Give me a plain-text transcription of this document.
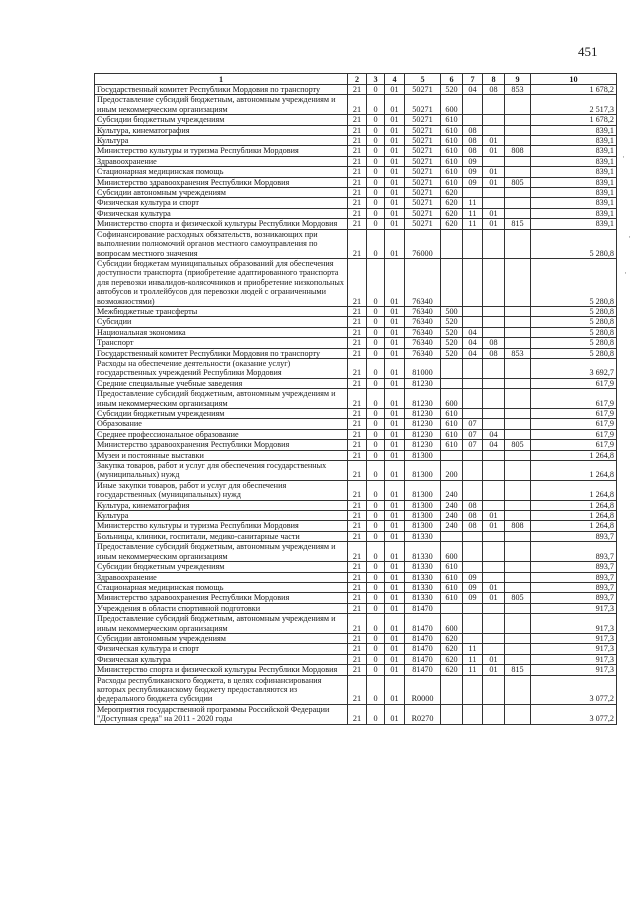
451
1	2	3	4	5	6	7	8	9	10
Государственный комитет Республики Мордовия по транспорту	21	0	01	50271	520	04	08	853	1 678,2
Предоставление субсидий бюджетным, автономным учреждениям и иным некоммерческим организациям	21	0	01	50271	600				2 517,3
Субсидии бюджетным учреждениям	21	0	01	50271	610				1 678,2
Культура, кинематография	21	0	01	50271	610	08			839,1
Культура	21	0	01	50271	610	08	01		839,1
Министерство культуры и туризма Республики Мордовия	21	0	01	50271	610	08	01	808	839,1
Здравоохранение	21	0	01	50271	610	09			839,1
Стационарная медицинская помощь	21	0	01	50271	610	09	01		839,1
Министерство здравоохранения Республики Мордовия	21	0	01	50271	610	09	01	805	839,1
Субсидии автономным учреждениям	21	0	01	50271	620				839,1
Физическая культура и спорт	21	0	01	50271	620	11			839,1
Физическая культура	21	0	01	50271	620	11	01		839,1
Министерство спорта и физической культуры Республики Мордовия	21	0	01	50271	620	11	01	815	839,1
Софинансирование расходных обязательств, возникающих при выполнении полномочий органов местного самоуправления по вопросам местного значения	21	0	01	76000					5 280,8
Субсидии бюджетам муниципальных образований для обеспечения доступности транспорта (приобретение адаптированного транспорта для перевозки инвалидов-колясочников и приобретение низкопольных автобусов и троллейбусов для перевозки людей с ограниченными возможностями)	21	0	01	76340					5 280,8
Межбюджетные трансферты	21	0	01	76340	500				5 280,8
Субсидии	21	0	01	76340	520				5 280,8
Национальная экономика	21	0	01	76340	520	04			5 280,8
Транспорт	21	0	01	76340	520	04	08		5 280,8
Государственный комитет Республики Мордовия по транспорту	21	0	01	76340	520	04	08	853	5 280,8
Расходы на обеспечение деятельности (оказание услуг) государственных учреждений Республики Мордовия	21	0	01	81000					3 692,7
Средние специальные учебные заведения	21	0	01	81230					617,9
Предоставление субсидий бюджетным, автономным учреждениям и иным некоммерческим организациям	21	0	01	81230	600				617,9
Субсидии бюджетным учреждениям	21	0	01	81230	610				617,9
Образование	21	0	01	81230	610	07			617,9
Среднее профессиональное образование	21	0	01	81230	610	07	04		617,9
Министерство здравоохранения Республики Мордовия	21	0	01	81230	610	07	04	805	617,9
Музеи и постоянные выставки	21	0	01	81300					1 264,8
Закупка товаров, работ и услуг для обеспечения государственных (муниципальных) нужд	21	0	01	81300	200				1 264,8
Иные закупки товаров, работ и услуг для обеспечения государственных (муниципальных) нужд	21	0	01	81300	240				1 264,8
Культура, кинематография	21	0	01	81300	240	08			1 264,8
Культура	21	0	01	81300	240	08	01		1 264,8
Министерство культуры и туризма Республики Мордовия	21	0	01	81300	240	08	01	808	1 264,8
Больницы, клиники, госпитали, медико-санитарные части	21	0	01	81330					893,7
Предоставление субсидий бюджетным, автономным учреждениям и иным некоммерческим организациям	21	0	01	81330	600				893,7
Субсидии бюджетным учреждениям	21	0	01	81330	610				893,7
Здравоохранение	21	0	01	81330	610	09			893,7
Стационарная медицинская помощь	21	0	01	81330	610	09	01		893,7
Министерство здравоохранения Республики Мордовия	21	0	01	81330	610	09	01	805	893,7
Учреждения в области спортивной подготовки	21	0	01	81470					917,3
Предоставление субсидий бюджетным, автономным учреждениям и иным некоммерческим организациям	21	0	01	81470	600				917,3
Субсидии автономным учреждениям	21	0	01	81470	620				917,3
Физическая культура и спорт	21	0	01	81470	620	11			917,3
Физическая культура	21	0	01	81470	620	11	01		917,3
Министерство спорта и физической культуры Республики Мордовия	21	0	01	81470	620	11	01	815	917,3
Расходы республиканского бюджета, в целях софинансирования которых республиканскому бюджету предоставляются из федерального бюджета субсидии	21	0	01	R0000					3 077,2
Мероприятия государственной программы Российской Федерации "Доступная среда" на 2011 - 2020 годы	21	0	01	R0270					3 077,2
·
·
·
